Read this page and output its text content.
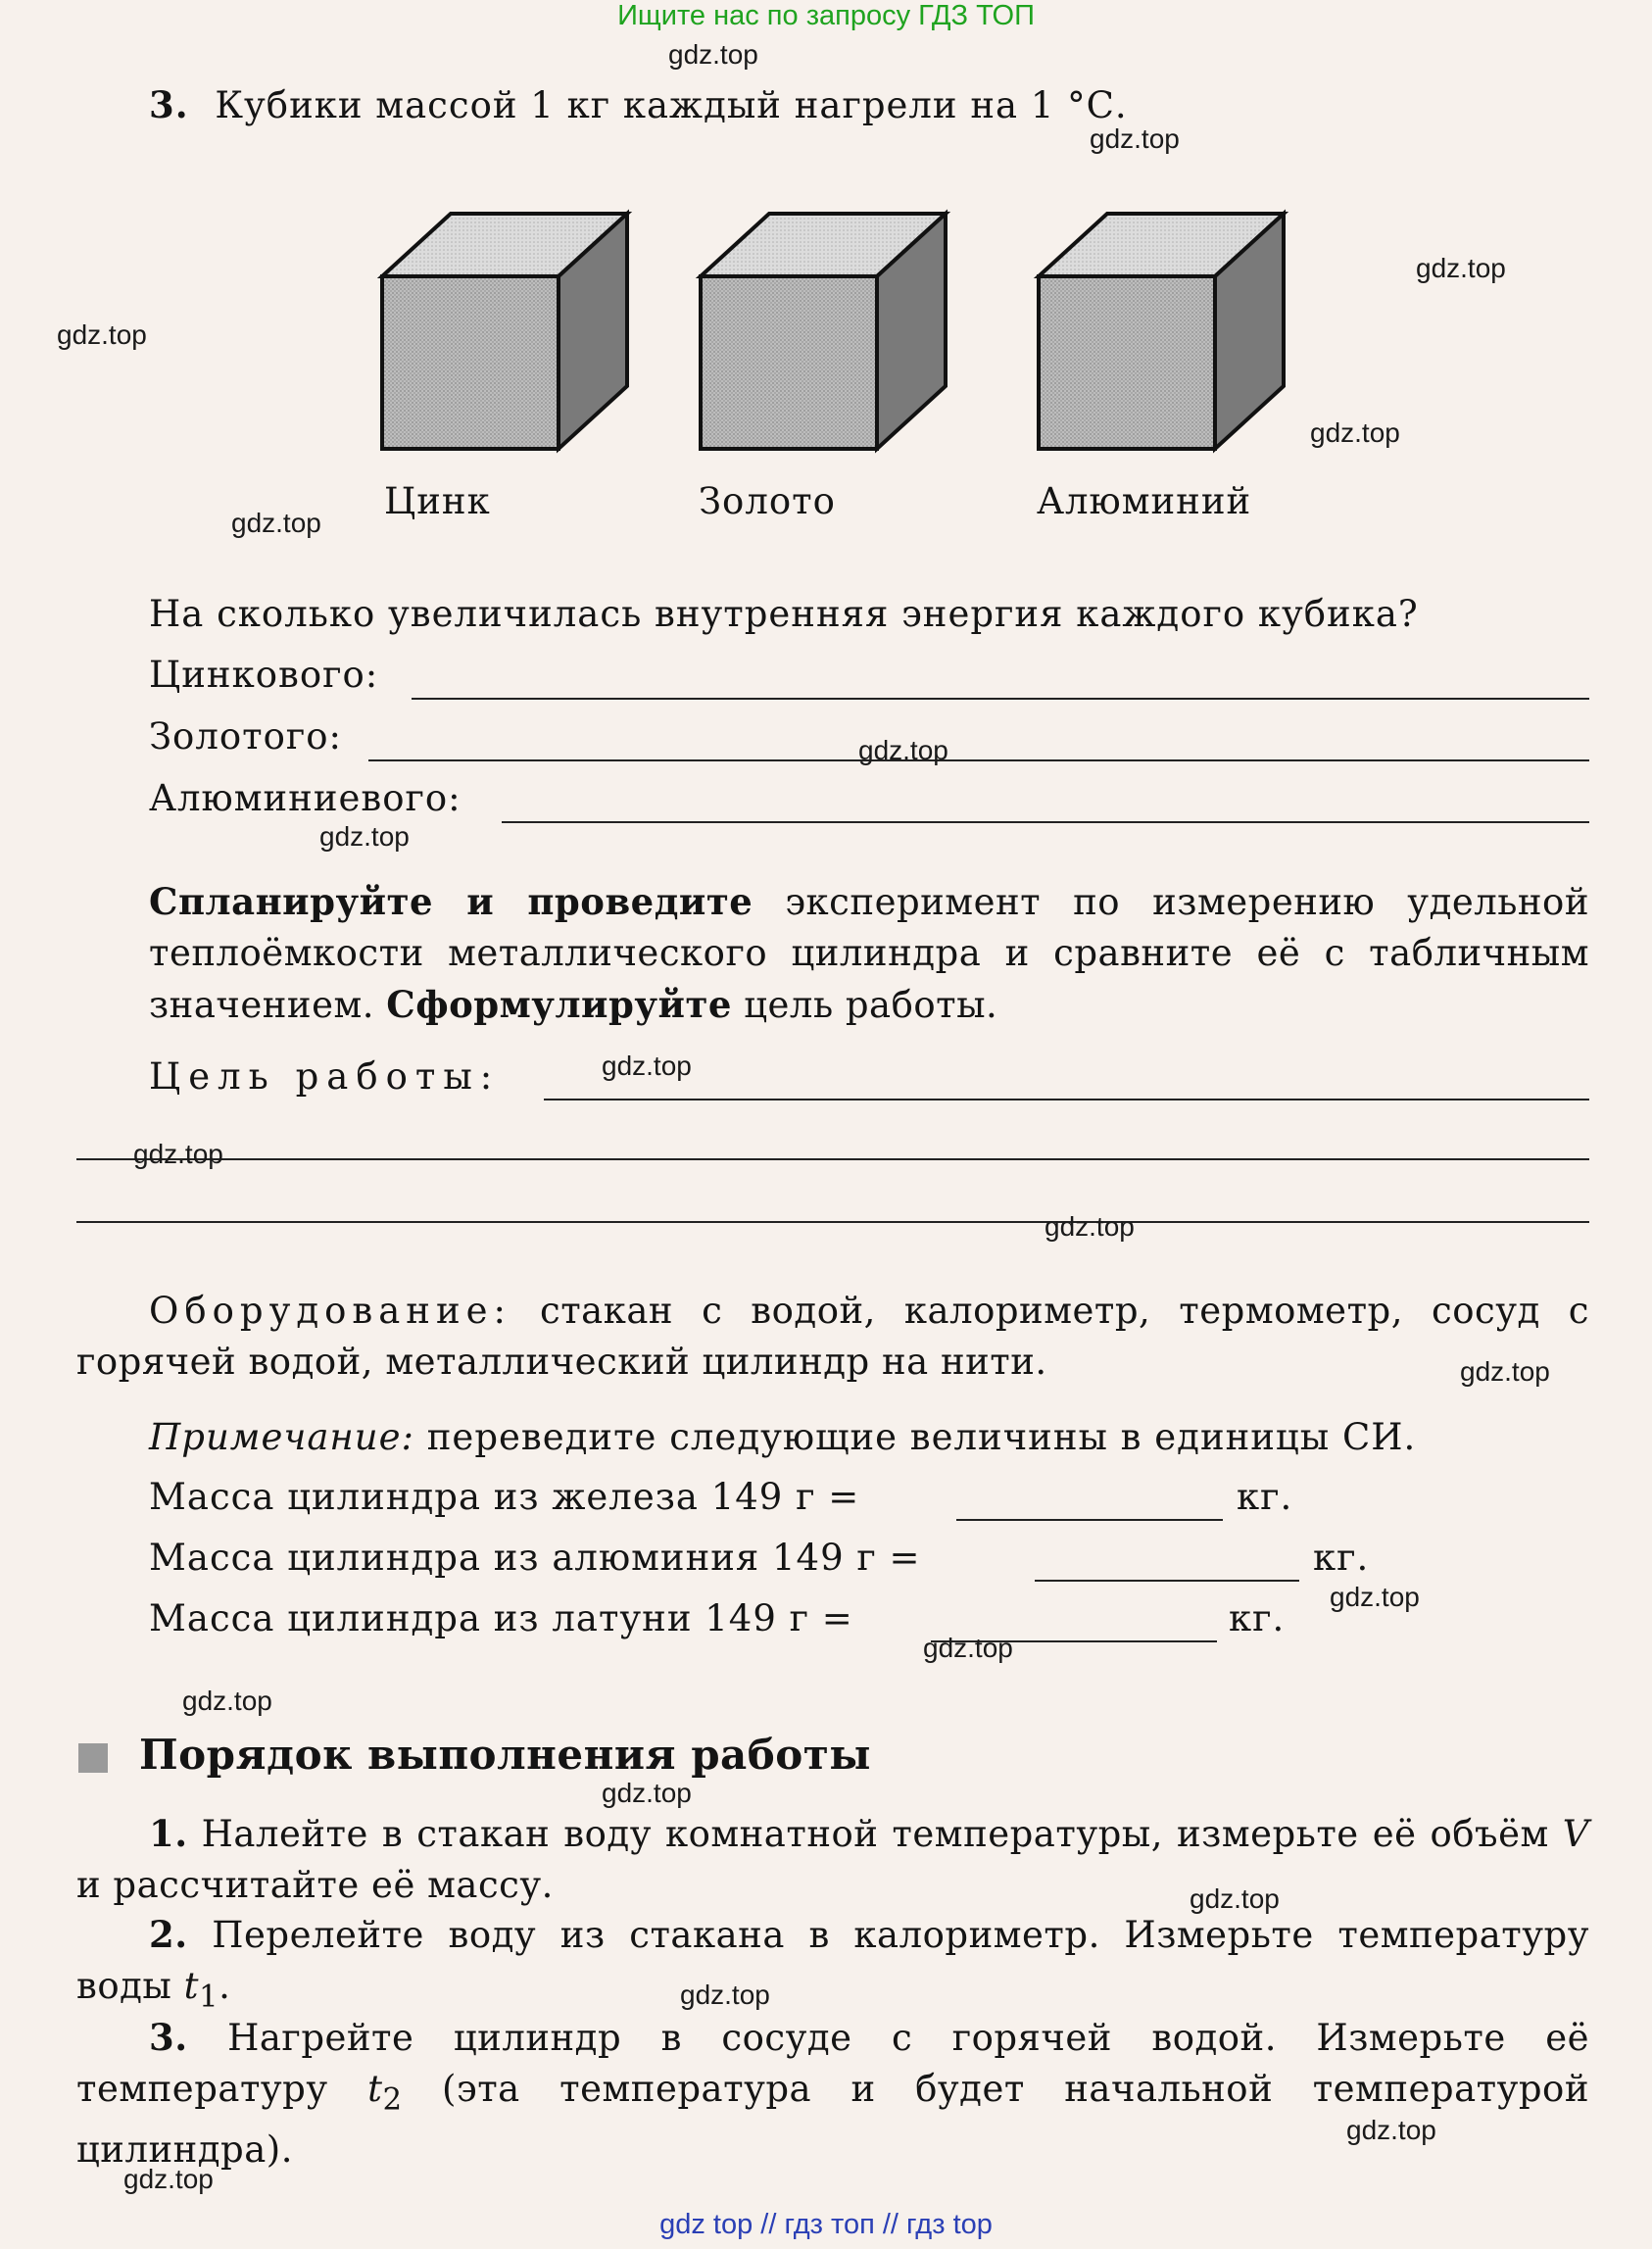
Ищите нас по запросу ГДЗ ТОП
3. Кубики массой 1 кг каждый нагрели на 1 °С.
Цинк	Золото	Алюминий
На сколько увеличилась внутренняя энергия каждого кубика?
Цинкового:
Золотого:
Алюминиевого:
Спланируйте и проведите эксперимент по измерению удельной теплоёмкости металлического цилиндра и сравните её с табличным значением. Сформулируйте цель работы.
Цель работы:
Оборудование: стакан с водой, калориметр, термометр, сосуд с горячей водой, металлический цилиндр на нити.
Примечание: переведите следующие величины в единицы СИ.
Масса цилиндра из железа 149 г =	кг.
Масса цилиндра из алюминия 149 г =	кг.
Масса цилиндра из латуни 149 г =	кг.
Порядок выполнения работы
1. Налейте в стакан воду комнатной температуры, измерьте её объём V и рассчитайте её массу.
2. Перелейте воду из стакана в калориметр. Измерьте температуру воды $t_1$.
3. Нагрейте цилиндр в сосуде с горячей водой. Измерьте её температуру $t_2$ (эта температура и будет начальной температурой цилиндра).
gdz.top
gdz.top
gdz.top
gdz.top
gdz.top
gdz.top
gdz.top
gdz.top
gdz.top
gdz.top
gdz.top
gdz.top
gdz.top
gdz.top
gdz.top
gdz.top
gdz.top
gdz.top
gdz.top
gdz.top
gdz top // гдз топ // гдз top
